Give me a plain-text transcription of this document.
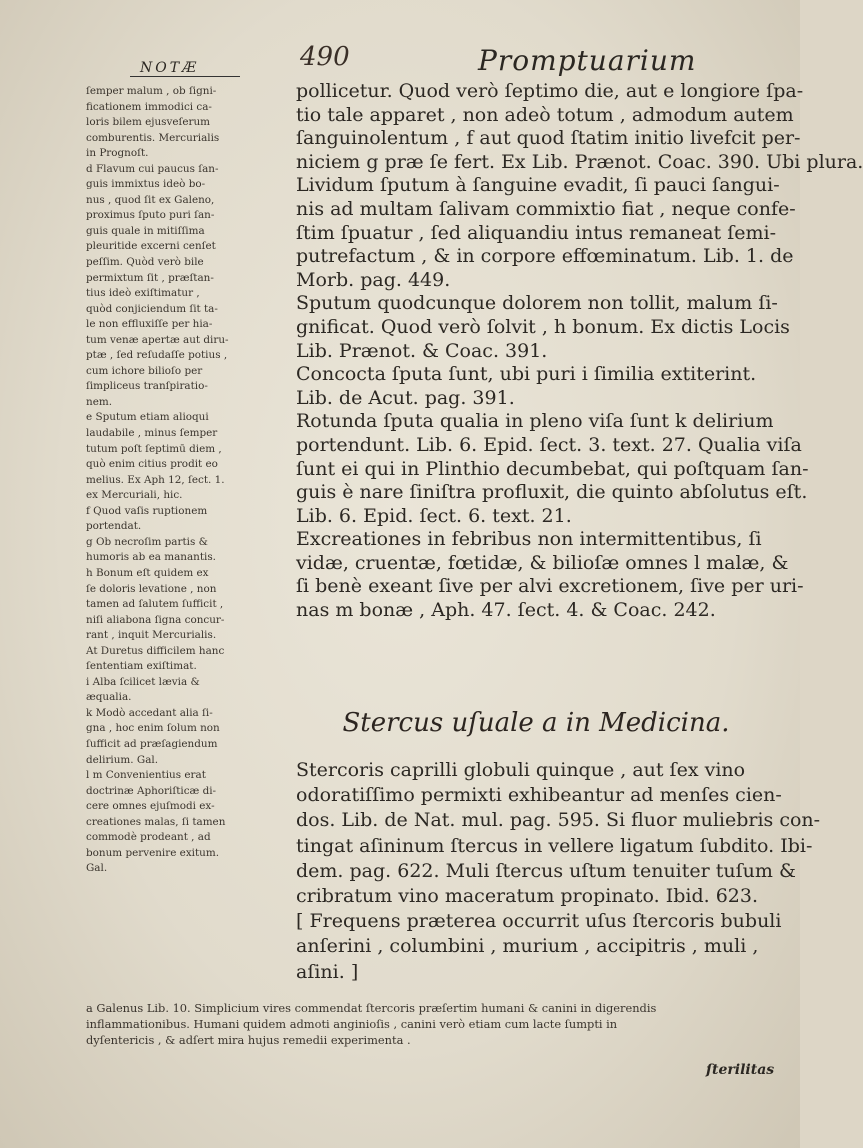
NOTÆ	490	Promptuarium
ſemper malum , ob ſigni-
ficationem immodici ca-
loris bilem ejusveſerum
comburentis. Mercurialis
in Prognoſt.
d Flavum cui paucus ſan-
guis immixtus ideò bo-
nus , quod ſit ex Galeno,
proximus ſputo puri ſan-
guis quale in mitiſſima
pleuritide excerni cenſet
peſſim. Quòd verò bile
permixtum ſit , præſtan-
tius ideò exiſtimatur ,
quòd conjiciendum ſit ta-
le non effluxiſſe per hia-
tum venæ apertæ aut diru-
ptæ , ſed reſudaſſe potius ,
cum ichore bilioſo per
ſimpliceus tranſpiratio-
nem.
e Sputum etiam alioqui
laudabile , minus ſemper
tutum poſt ſeptimū diem ,
quò enim citius prodit eo
melius. Ex Aph 12, ſect. 1.
ex Mercuriali, hic.
f Quod vaſis ruptionem
portendat.
g Ob necroſim partis &
humoris ab ea manantis.
h Bonum eſt quidem ex
ſe doloris levatione , non
tamen ad ſalutem ſufficit ,
niſi aliabona ſigna concur-
rant , inquit Mercurialis.
At Duretus difficilem hanc
ſententiam exiſtimat.
i Alba ſcilicet lævia &
æqualia.
k Modò accedant alia ſi-
gna , hoc enim ſolum non
ſufficit ad præſagiendum
delirium. Gal.
l m Convenientius erat
doctrinæ Aphoriſticæ di-
cere omnes ejuſmodi ex-
creationes malas, ſi tamen
commodè prodeant , ad
bonum pervenire exitum.
Gal.
pollicetur. Quod verò ſeptimo die, aut e longiore ſpa-
tio tale apparet , non adeò totum , admodum autem
ſanguinolentum , f aut quod ſtatim initio livefcit per-
niciem g præ ſe fert. Ex Lib. Prænot. Coac. 390. Ubi plura.
Lividum ſputum à ſanguine evadit, ſi pauci ſangui-
nis ad multam ſalivam commixtio fiat , neque confe-
ſtim ſpuatur , ſed aliquandiu intus remaneat ſemi-
putrefactum , & in corpore effœminatum. Lib. 1. de
Morb. pag. 449.
Sputum quodcunque dolorem non tollit, malum ſi-
gnificat. Quod verò ſolvit , h bonum. Ex dictis Locis
Lib. Prænot. & Coac. 391.
Concocta ſputa ſunt, ubi puri i ſimilia extiterint.
Lib. de Acut. pag. 391.
Rotunda ſputa qualia in pleno viſa ſunt k delirium
portendunt. Lib. 6. Epid. ſect. 3. text. 27. Qualia viſa
ſunt ei qui in Plinthio decumbebat, qui poſtquam ſan-
guis è nare ſiniſtra profluxit, die quinto abſolutus eſt.
Lib. 6. Epid. ſect. 6. text. 21.
Excreationes in febribus non intermittentibus, ſi
vidæ, cruentæ, fœtidæ, & bilioſæ omnes l malæ, &
ſi benè exeant ſive per alvi excretionem, ſive per uri-
nas m bonæ , Aph. 47. ſect. 4. & Coac. 242.
Stercus uſuale a in Medicina.
Stercoris caprilli globuli quinque , aut ſex vino
odoratiſſimo permixti exhibeantur ad menſes cien-
dos. Lib. de Nat. mul. pag. 595. Si fluor muliebris con-
tingat aſininum ſtercus in vellere ligatum ſubdito. Ibi-
dem. pag. 622. Muli ſtercus uſtum tenuiter tuſum &
cribratum vino maceratum propinato. Ibid. 623.
[ Frequens præterea occurrit uſus ſtercoris bubuli
anſerini , columbini , murium , accipitris , muli ,
aſini. ]
a Galenus Lib. 10. Simplicium vires commendat ſtercoris præſertim humani & canini in digerendis
inflammationibus. Humani quidem admoti anginioſis , canini verò etiam cum lacte ſumpti in
dyſentericis , & adſert mira hujus remedii experimenta .
ſterilitas
